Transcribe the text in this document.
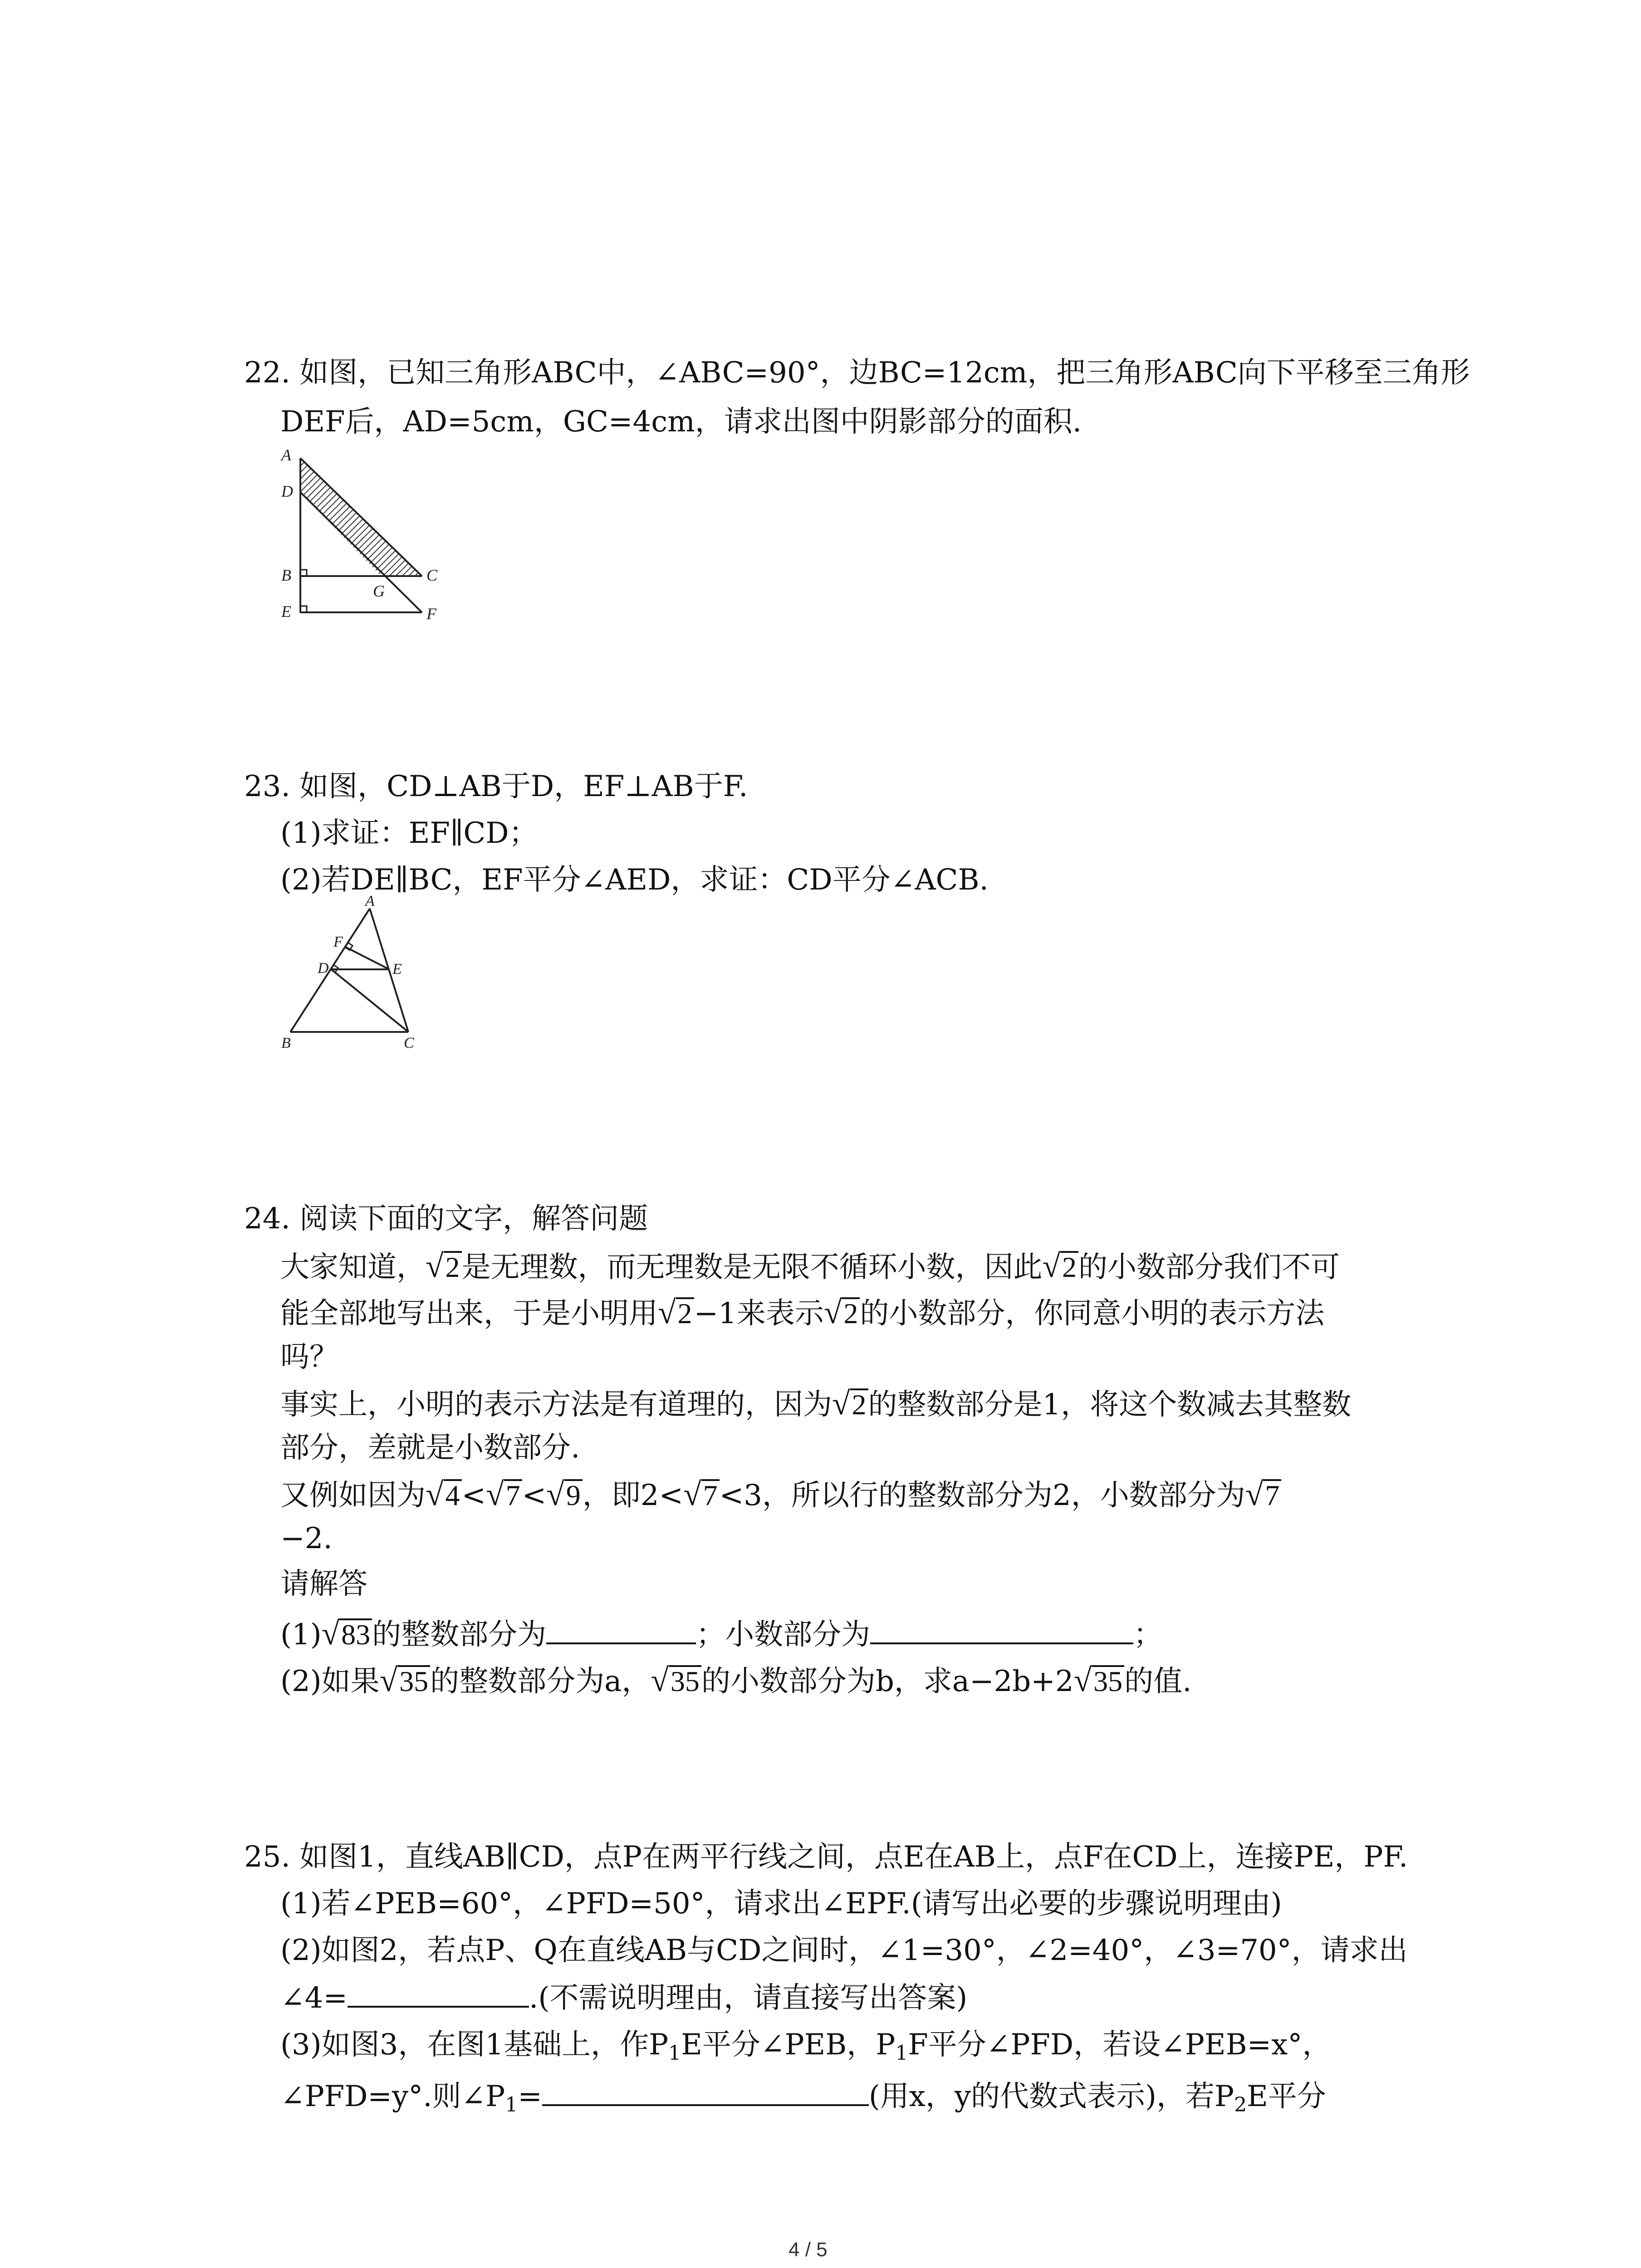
22. 如图，已知三角形ABC中，∠ABC=90°，边BC=12cm，把三角形ABC向下平移至三角形
DEF后，AD=5cm，GC=4cm，请求出图中阴影部分的面积.
A
D
B
G
C
E	F
23. 如图，CD⊥AB于D，EF⊥AB于F.
(1)求证：EF∥CD；
(2)若DE∥BC，EF平分∠AED，求证：CD平分∠ACB.
A
F
D	E
B	C
24. 阅读下面的文字，解答问题
大家知道，√2是无理数，而无理数是无限不循环小数，因此√2的小数部分我们不可
能全部地写出来，于是小明用√2−1来表示√2的小数部分，你同意小明的表示方法
吗？
事实上，小明的表示方法是有道理的，因为√2的整数部分是1，将这个数减去其整数
部分，差就是小数部分.
又例如因为√4<√7<√9，即2<√7<3，所以行的整数部分为2，小数部分为√7
−2.
请解答
(1)√83的整数部分为	；小数部分为	；
(2)如果√35的整数部分为a，√35的小数部分为b，求a−2b+2√35的值.
25. 如图1，直线AB∥CD，点P在两平行线之间，点E在AB上，点F在CD上，连接PE，PF.
(1)若∠PEB=60°，∠PFD=50°，请求出∠EPF.(请写出必要的步骤说明理由)
(2)如图2，若点P、Q在直线AB与CD之间时，∠1=30°，∠2=40°，∠3=70°，请求出
∠4=	.(不需说明理由，请直接写出答案)
(3)如图3，在图1基础上，作$P_1E$平分∠PEB，$P_1F$平分∠PFD，若设∠PEB=x°，
∠PFD=y°.则$\angle P_1=$	(用x，y的代数式表示)，若$P_2E$平分
4 / 5
